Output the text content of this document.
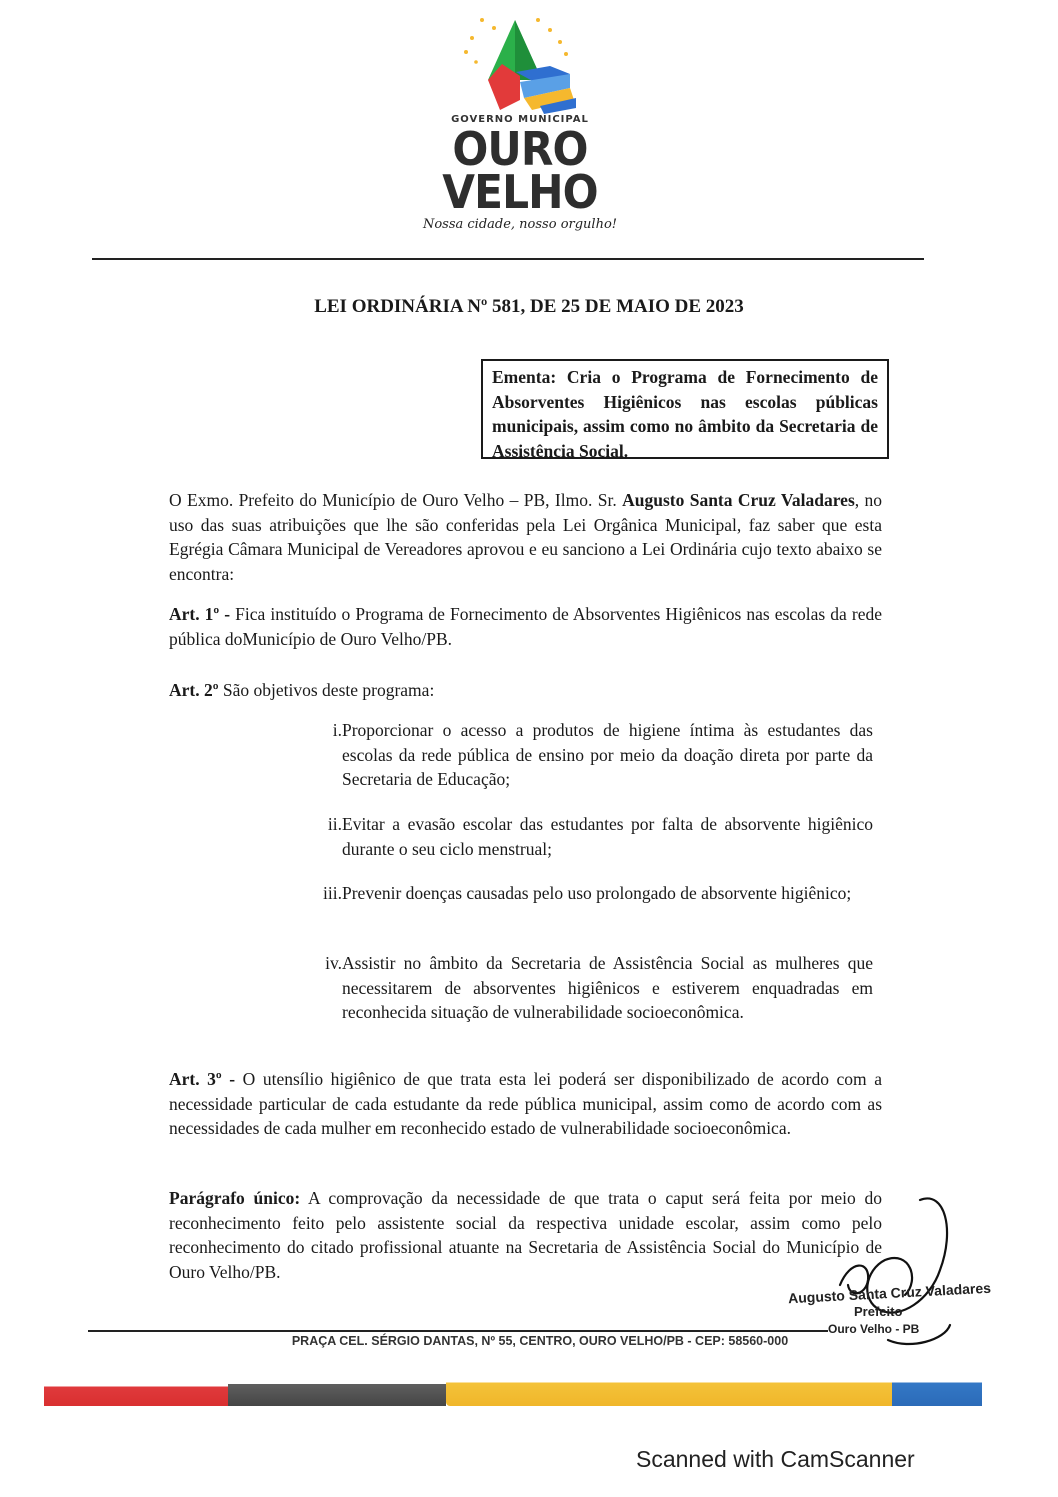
GOVERNO MUNICIPAL
OURO
VELHO
Nossa cidade, nosso orgulho!
LEI ORDINÁRIA Nº 581, DE 25 DE MAIO DE 2023
Ementa: Cria o Programa de Fornecimento de Absorventes Higiênicos nas escolas públicas municipais, assim como no âmbito da Secretaria de Assistência Social.
O Exmo. Prefeito do Município de Ouro Velho – PB, Ilmo. Sr. Augusto Santa Cruz Valadares, no uso das suas atribuições que lhe são conferidas pela Lei Orgânica Municipal, faz saber que esta Egrégia Câmara Municipal de Vereadores aprovou e eu sanciono a Lei Ordinária cujo texto abaixo se encontra:
Art. 1º - Fica instituído o Programa de Fornecimento de Absorventes Higiênicos nas escolas da rede pública doMunicípio de Ouro Velho/PB.
Art. 2º São objetivos deste programa:
i. Proporcionar o acesso a produtos de higiene íntima às estudantes das escolas da rede pública de ensino por meio da doação direta por parte da Secretaria de Educação;
ii. Evitar a evasão escolar das estudantes por falta de absorvente higiênico durante o seu ciclo menstrual;
iii. Prevenir doenças causadas pelo uso prolongado de absorvente higiênico;
iv. Assistir no âmbito da Secretaria de Assistência Social as mulheres que necessitarem de absorventes higiênicos e estiverem enquadradas em reconhecida situação de vulnerabilidade socioeconômica.
Art. 3º - O utensílio higiênico de que trata esta lei poderá ser disponibilizado de acordo com a necessidade particular de cada estudante da rede pública municipal, assim como de acordo com as necessidades de cada mulher em reconhecido estado de vulnerabilidade socioeconômica.
Parágrafo único: A comprovação da necessidade de que trata o caput será feita por meio do reconhecimento feito pelo assistente social da respectiva unidade escolar, assim como pelo reconhecimento do citado profissional atuante na Secretaria de Assistência Social do Município de Ouro Velho/PB.
Augusto Santa Cruz Valadares
Prefeito
Ouro Velho - PB
PRAÇA CEL. SÉRGIO DANTAS, Nº 55, CENTRO, OURO VELHO/PB - CEP: 58560-000
Scanned with CamScanner
